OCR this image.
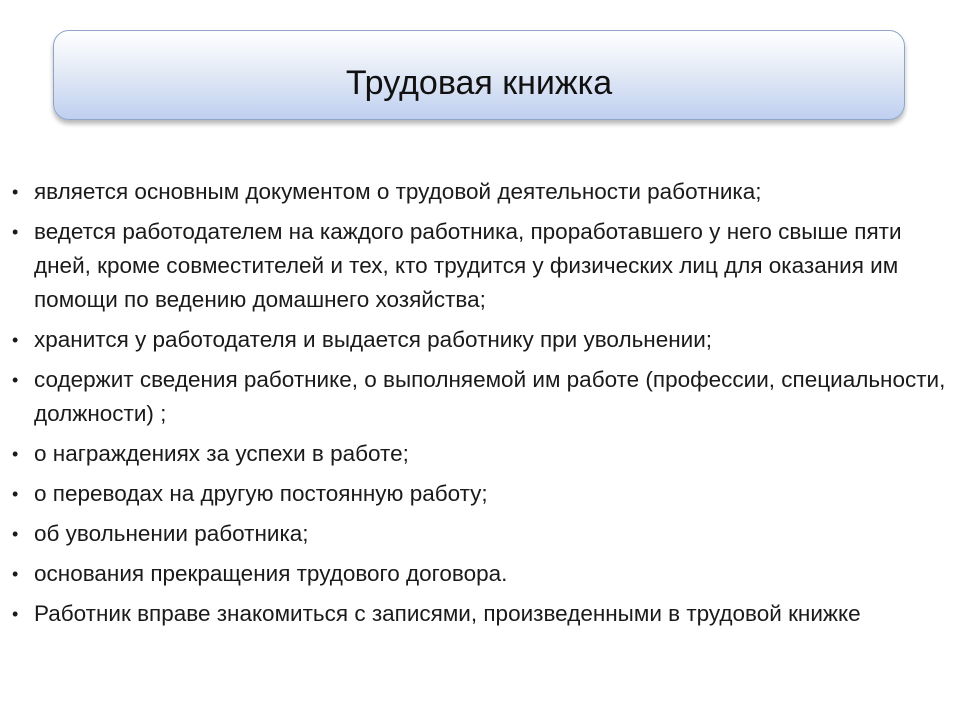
Трудовая книжка
• является основным документом о трудовой деятельности работника;
• ведется работодателем на каждого работника, проработавшего у него свыше пяти дней, кроме совместителей и тех, кто трудится у физических лиц для оказания им помощи по ведению домашнего хозяйства;
• хранится у работодателя и выдается работнику при увольнении;
• содержит сведения работнике, о выполняемой им работе (профессии, специальности, должности) ;
• о награждениях за успехи в работе;
• о переводах на другую постоянную работу;
• об увольнении работника;
• основания прекращения трудового договора.
• Работник вправе знакомиться с записями, произведенными в трудовой книжке
